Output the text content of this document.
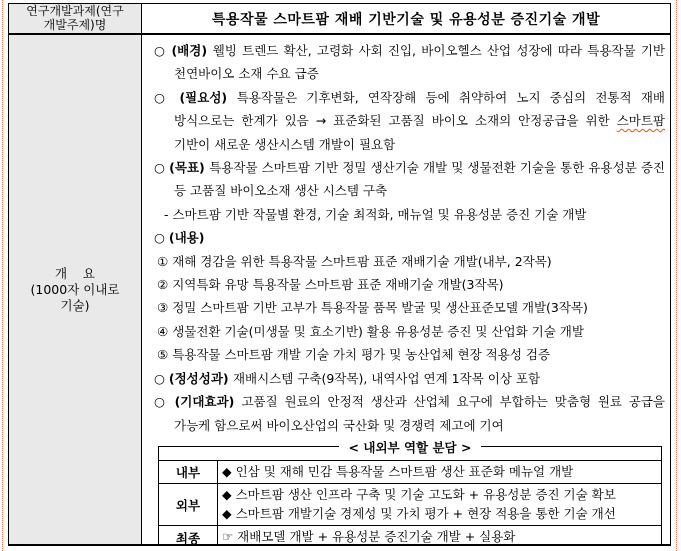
연구개발과제(연구
개발주제)명	특용작물 스마트팜 재배 기반기술 및 유용성분 증진기술 개발
개    요
(1000자 이내로
기술)
○ (배경) 웰빙 트렌드 확산, 고령화 사회 진입, 바이오헬스 산업 성장에 따라 특용작물 기반 천연바이오 소재 수요 급증
○ (필요성) 특용작물은 기후변화, 연작장해 등에 취약하여 노지 중심의 전통적 재배 방식으로는 한계가 있음 → 표준화된 고품질 바이오 소재의 안정공급을 위한 스마트팜 기반이 새로운 생산시스템 개발이 필요함
○ (목표) 특용작물 스마트팜 기반 정밀 생산기술 개발 및 생물전환 기술을 통한 유용성분 증진 등 고품질 바이오소재 생산 시스템 구축
- 스마트팜 기반 작물별 환경, 기술 최적화, 매뉴얼 및 유용성분 증진 기술 개발
○ (내용)
① 재해 경감을 위한 특용작물 스마트팜 표준 재배기술 개발(내부, 2작목)
② 지역특화 유망 특용작물 스마트팜 표준 재배기술 개발(3작목)
③ 정밀 스마트팜 기반 고부가 특용작물 품목 발굴 및 생산표준모델 개발(3작목)
④ 생물전환 기술(미생물 및 효소기반) 활용 유용성분 증진 및 산업화 기술 개발
⑤ 특용작물 스마트팜 개발 기술 가치 평가 및 농산업체 현장 적용성 검증
○ (정성성과) 재배시스템 구축(9작목), 내역사업 연계 1작목 이상 포함
○ (기대효과) 고품질 원료의 안정적 생산과 산업체 요구에 부합하는 맞춤형 원료 공급을 가능케 함으로써 바이오산업의 국산화 및 경쟁력 제고에 기여
< 내외부 역할 분담 >
내부	◆ 인삼 및 재해 민감 특용작물 스마트팜 생산 표준화 메뉴얼 개발

외부	◆ 스마트팜 생산 인프라 구축 및 기술 고도화 + 유용성분 증진 기술 확보
◆ 스마트팜 개발기술 경제성 및 가치 평가 + 현장 적용을 통한 기술 개선

최종	☞ 재배모델 개발 + 유용성분 증진기술 개발 + 실용화
